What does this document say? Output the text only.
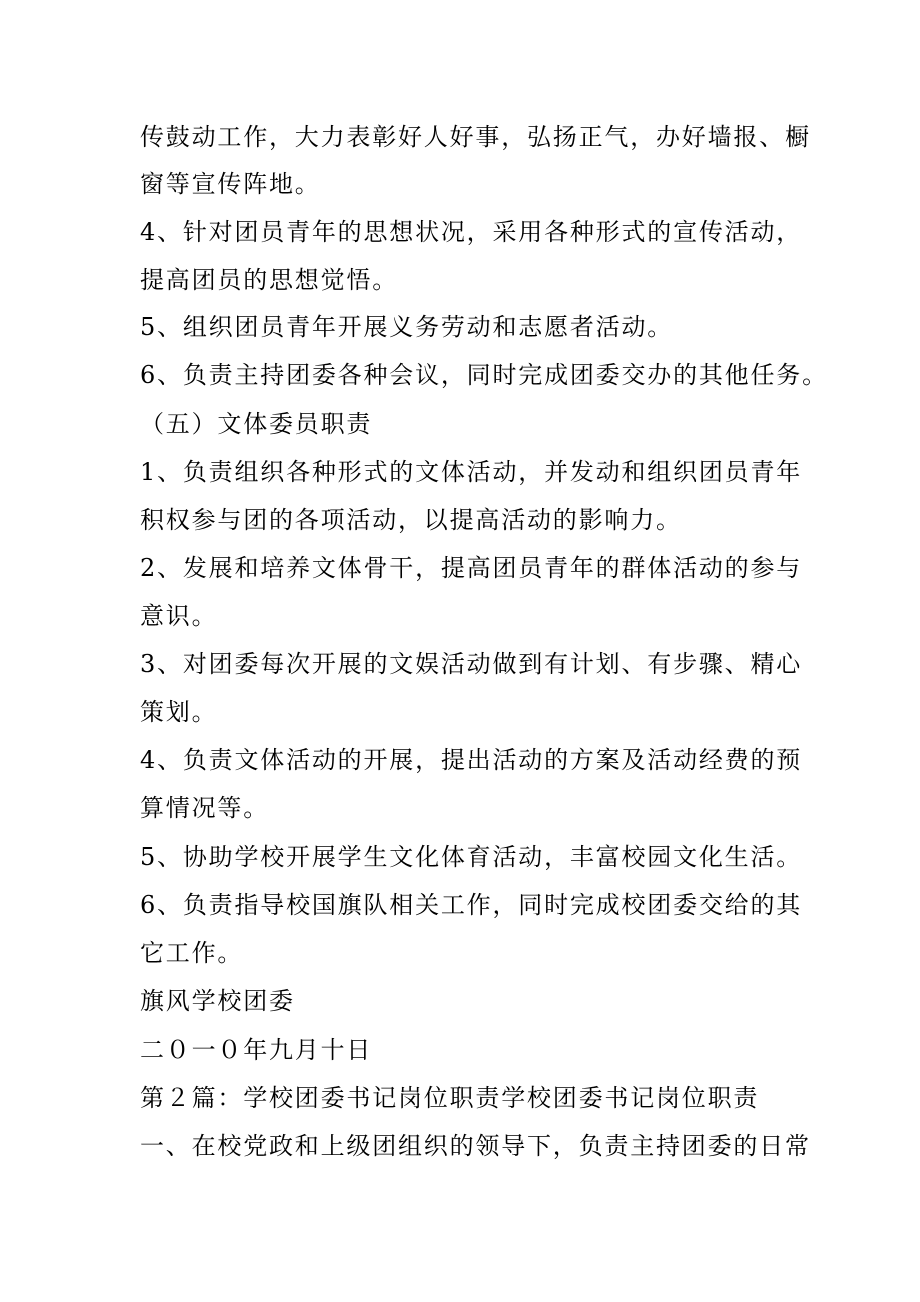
传鼓动工作，大力表彰好人好事，弘扬正气，办好墙报、橱
窗等宣传阵地。
4、针对团员青年的思想状况，采用各种形式的宣传活动，
提高团员的思想觉悟。
5、组织团员青年开展义务劳动和志愿者活动。
6、负责主持团委各种会议，同时完成团委交办的其他任务。
（五）文体委员职责
1、负责组织各种形式的文体活动，并发动和组织团员青年
积权参与团的各项活动，以提高活动的影响力。
2、发展和培养文体骨干，提高团员青年的群体活动的参与
意识。
3、对团委每次开展的文娱活动做到有计划、有步骤、精心
策划。
4、负责文体活动的开展，提出活动的方案及活动经费的预
算情况等。
5、协助学校开展学生文化体育活动，丰富校园文化生活。
6、负责指导校国旗队相关工作，同时完成校团委交给的其
它工作。
旗风学校团委
二０一０年九月十日
第２篇：学校团委书记岗位职责学校团委书记岗位职责
一、在校党政和上级团组织的领导下，负责主持团委的日常
